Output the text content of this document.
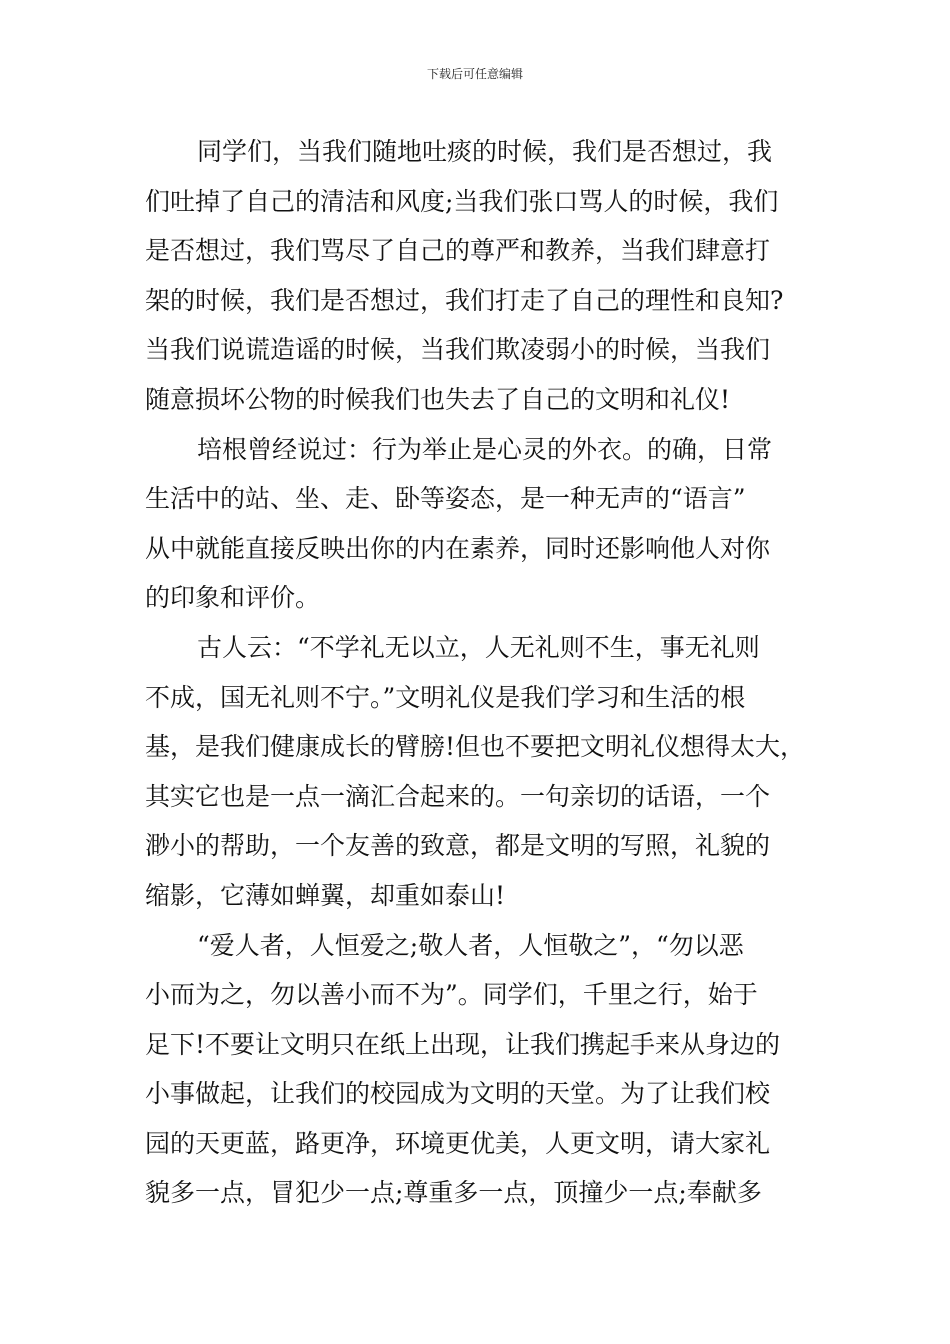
下载后可任意编辑
同学们，当我们随地吐痰的时候，我们是否想过，我
们吐掉了自己的清洁和风度;当我们张口骂人的时候，我们
是否想过，我们骂尽了自己的尊严和教养，当我们肆意打
架的时候，我们是否想过，我们打走了自己的理性和良知?
当我们说谎造谣的时候，当我们欺凌弱小的时候，当我们
随意损坏公物的时候我们也失去了自己的文明和礼仪!
培根曾经说过：行为举止是心灵的外衣。的确，日常
生活中的站、坐、走、卧等姿态，是一种无声的“语言”
从中就能直接反映出你的内在素养，同时还影响他人对你
的印象和评价。
古人云：“不学礼无以立，人无礼则不生，事无礼则
不成，国无礼则不宁。”文明礼仪是我们学习和生活的根
基，是我们健康成长的臂膀!但也不要把文明礼仪想得太大，
其实它也是一点一滴汇合起来的。一句亲切的话语，一个
渺小的帮助，一个友善的致意，都是文明的写照，礼貌的
缩影，它薄如蝉翼，却重如泰山!
“爱人者，人恒爱之;敬人者，人恒敬之”，“勿以恶
小而为之，勿以善小而不为”。同学们，千里之行，始于
足下!不要让文明只在纸上出现，让我们携起手来从身边的
小事做起，让我们的校园成为文明的天堂。为了让我们校
园的天更蓝，路更净，环境更优美，人更文明，请大家礼
貌多一点，冒犯少一点;尊重多一点，顶撞少一点;奉献多
